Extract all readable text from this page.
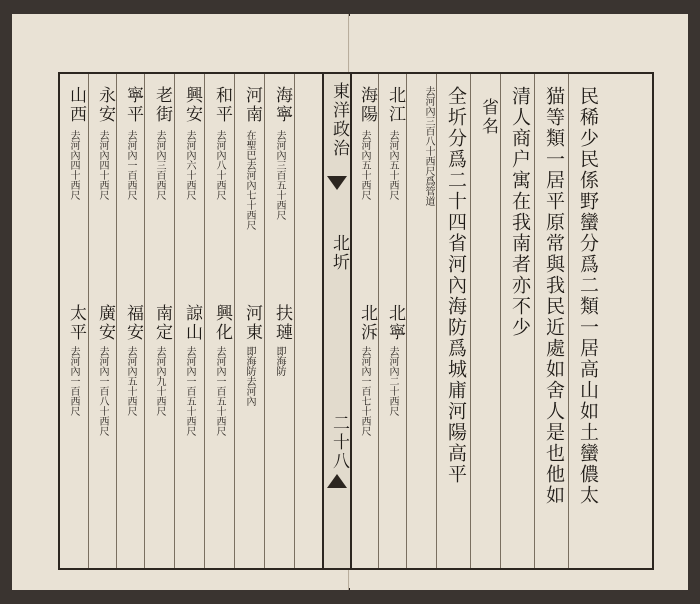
山西
去河內四十西尺
太平
去河內一百西尺
永安
去河內四十西尺
廣安
去河內一百八十西尺
寧平
去河內一百西尺
福安
去河內五十西尺
老街
去河內三百西尺
南定
去河內九十西尺
興安
去河內六十西尺
諒山
去河內一百五十西尺
和平
去河內八十西尺
興化
去河內一百五十西尺
河南
在聖巴去河內七十西尺
河東
即海防去河內
海寧
去河內三百五十西尺
扶璉
即海防
東洋政治
北圻
二十八
海陽
去河內五十西尺
北泝
去河內一百七十西尺
北江
去河內五十西尺
北寧
去河內二十西尺
去河內三百八十西尺爲管道 全圻分爲二十四省河內海防爲城庯河陽高平 省名 清人商户寓在我南者亦不少 猫等類一居平原常與我民近處如舍人是也他如 民稀少民係野蠻分爲二類一居高山如土蠻儂太
